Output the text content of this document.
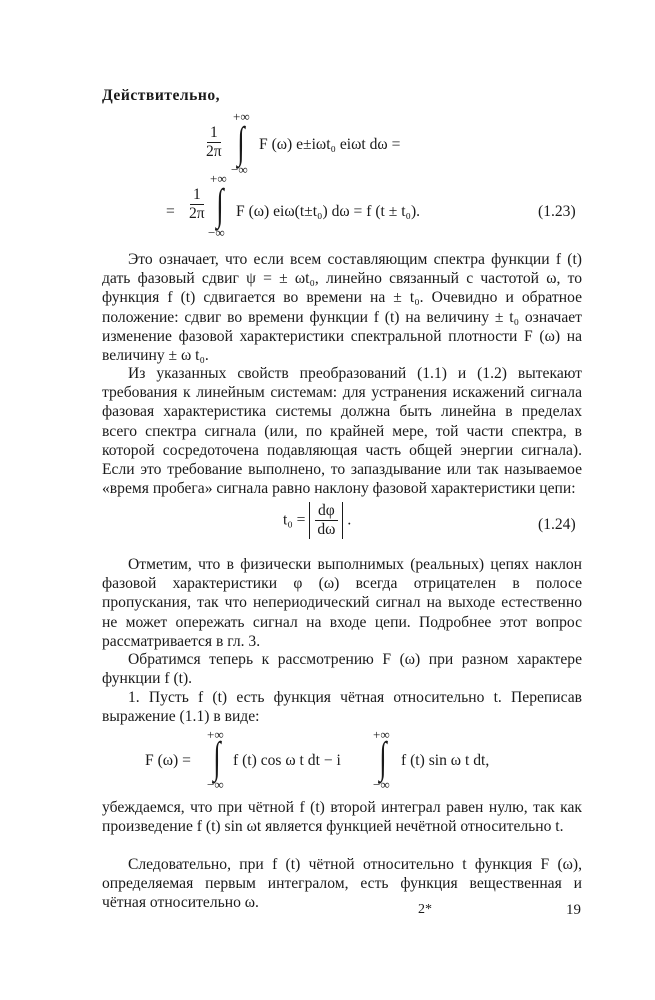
Действительно,

$\frac{1}{2\pi}$
+∞
∫
−∞
F (ω) e±iωt₀ eiωt dω =
= $\frac{1}{2\pi}$
+∞
∫
−∞
F (ω) eiω(t±t₀) dω = f (t ± t₀).	(1.23)

Это означает, что если всем составляющим спектра функции f (t) дать фазовый сдвиг ψ = ± ωt₀, линейно связанный с частотой ω, то функция f (t) сдвигается во времени на ± t₀. Очевидно и обратное положение: сдвиг во времени функции f (t) на величину ± t₀ означает изменение фазовой характеристики спектральной плотности F (ω) на величину ± ω t₀.

Из указанных свойств преобразований (1.1) и (1.2) вытекают требования к линейным системам: для устранения искажений сигнала фазовая характеристика системы должна быть линейна в пределах всего спектра сигнала (или, по крайней мере, той части спектра, в которой сосредоточена подавляющая часть общей энергии сигнала). Если это требование выполнено, то запаздывание или так называемое «время пробега» сигнала равно наклону фазовой характеристики цепи:

$t_0 = \frac{d\varphi}{d\omega}$ .	(1.24)

Отметим, что в физически выполнимых (реальных) цепях наклон фазовой характеристики φ (ω) всегда отрицателен в полосе пропускания, так что непериодический сигнал на выходе естественно не может опережать сигнал на входе цепи. Подробнее этот вопрос рассматривается в гл. 3.

Обратимся теперь к рассмотрению F (ω) при разном характере функции f (t).

1. Пусть f (t) есть функция чётная относительно t. Переписав выражение (1.1) в виде:

F (ω) =
+∞
∫
−∞
f (t) cos ω t dt − i
+∞
∫
−∞
f (t) sin ω t dt,

убеждаемся, что при чётной f (t) второй интеграл равен нулю, так как произведение f (t) sin ωt является функцией нечётной относительно t.

Следовательно, при f (t) чётной относительно t функция F (ω), определяемая первым интегралом, есть функция вещественная и чётная относительно ω.	2*	19
